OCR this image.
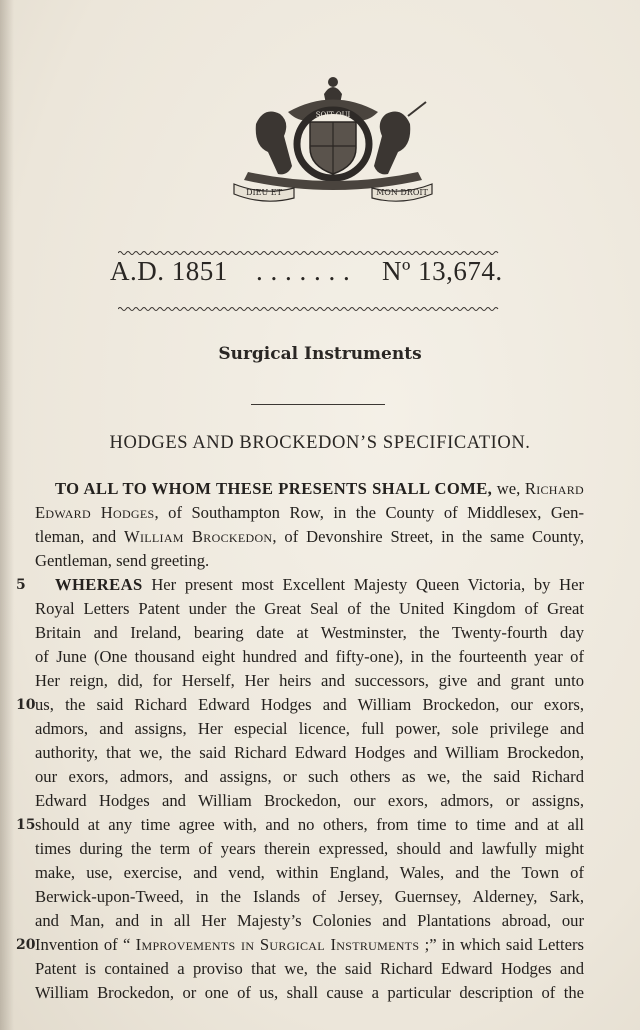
SOIT QUI
DIEU ET	MON DROIT
A.D. 1851 . . . . . . . Nº 13,674.
Surgical Instruments
HODGES AND BROCKEDON’S SPECIFICATION.
TO ALL TO WHOM THESE PRESENTS SHALL COME, we, Richard
Edward Hodges, of Southampton Row, in the County of Middlesex, Gen-
tleman, and William Brockedon, of Devonshire Street, in the same County,
Gentleman, send greeting.
5	WHEREAS Her present most Excellent Majesty Queen Victoria, by Her
Royal Letters Patent under the Great Seal of the United Kingdom of Great
Britain and Ireland, bearing date at Westminster, the Twenty-fourth day
of June (One thousand eight hundred and fifty-one), in the fourteenth year of
Her reign, did, for Herself, Her heirs and successors, give and grant unto
10 us, the said Richard Edward Hodges and William Brockedon, our exors,
admors, and assigns, Her especial licence, full power, sole privilege and
authority, that we, the said Richard Edward Hodges and William Brockedon,
our exors, admors, and assigns, or such others as we, the said Richard
Edward Hodges and William Brockedon, our exors, admors, or assigns,
15 should at any time agree with, and no others, from time to time and at all
times during the term of years therein expressed, should and lawfully might
make, use, exercise, and vend, within England, Wales, and the Town of
Berwick-upon-Tweed, in the Islands of Jersey, Guernsey, Alderney, Sark,
and Man, and in all Her Majesty’s Colonies and Plantations abroad, our
20 Invention of “ Improvements in Surgical Instruments ;” in which said Letters
Patent is contained a proviso that we, the said Richard Edward Hodges and
William Brockedon, or one of us, shall cause a particular description of the
